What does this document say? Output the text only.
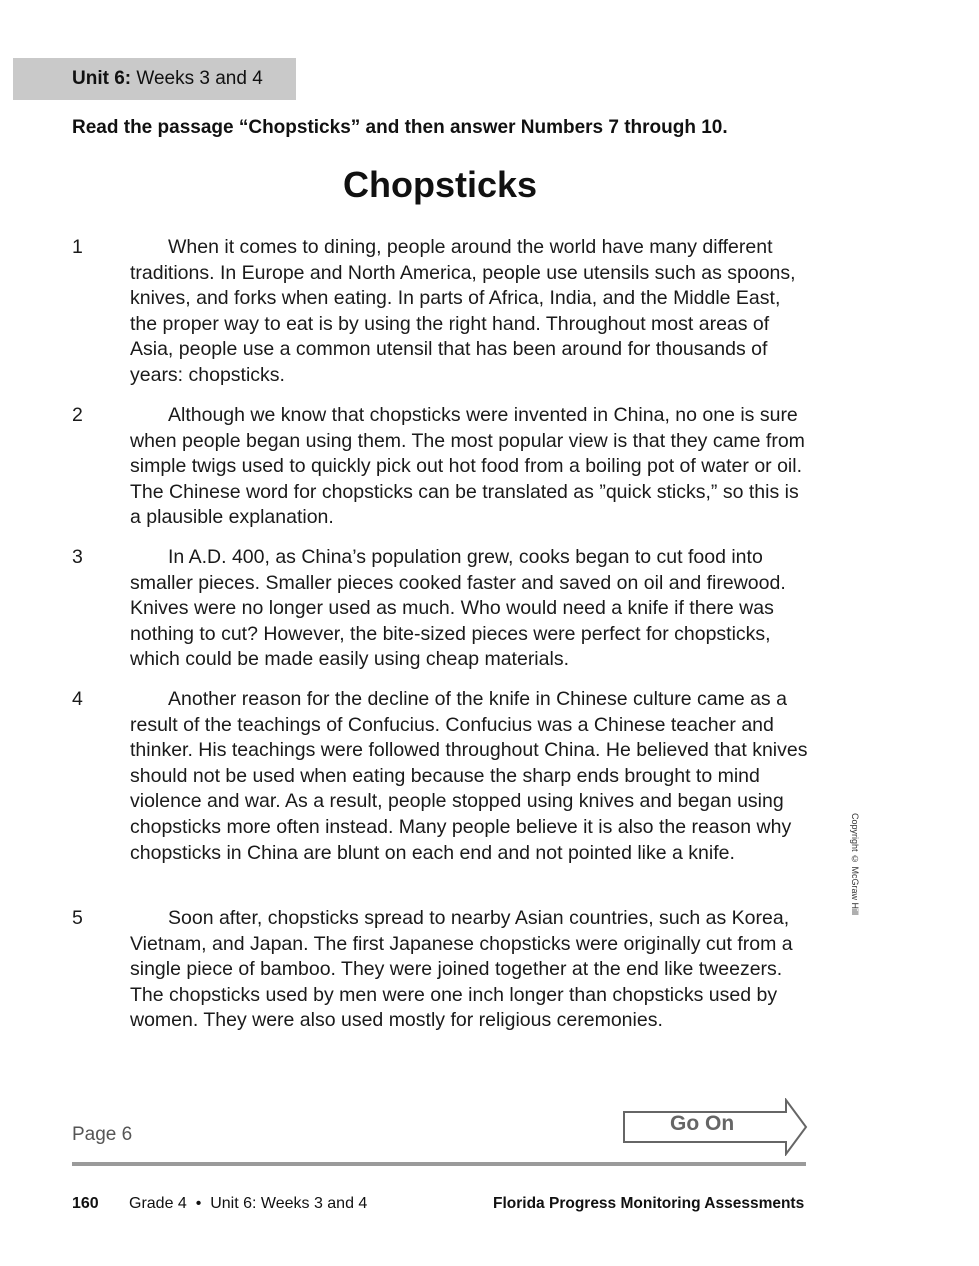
Unit 6: Weeks 3 and 4
Read the passage “Chopsticks” and then answer Numbers 7 through 10.
Chopsticks
1	When it comes to dining, people around the world have many different traditions. In Europe and North America, people use utensils such as spoons, knives, and forks when eating. In parts of Africa, India, and the Middle East, the proper way to eat is by using the right hand. Throughout most areas of Asia, people use a common utensil that has been around for thousands of years: chopsticks.

2	Although we know that chopsticks were invented in China, no one is sure when people began using them. The most popular view is that they came from simple twigs used to quickly pick out hot food from a boiling pot of water or oil. The Chinese word for chopsticks can be translated as ”quick sticks,” so this is a plausible explanation.

3	In A.D. 400, as China’s population grew, cooks began to cut food into smaller pieces. Smaller pieces cooked faster and saved on oil and firewood. Knives were no longer used as much. Who would need a knife if there was nothing to cut? However, the bite-sized pieces were perfect for chopsticks, which could be made easily using cheap materials.

4	Another reason for the decline of the knife in Chinese culture came as a result of the teachings of Confucius. Confucius was a Chinese teacher and thinker. His teachings were followed throughout China. He believed that knives should not be used when eating because the sharp ends brought to mind violence and war. As a result, people stopped using knives and began using chopsticks more often instead. Many people believe it is also the reason why chopsticks in China are blunt on each end and not pointed like a knife.

5	Soon after, chopsticks spread to nearby Asian countries, such as Korea, Vietnam, and Japan. The first Japanese chopsticks were originally cut from a single piece of bamboo. They were joined together at the end like tweezers. The chopsticks used by men were one inch longer than chopsticks used by women. They were also used mostly for religious ceremonies.

Copyright © McGraw Hill
Page 6	Go On
160 Grade 4  •  Unit 6: Weeks 3 and 4	Florida Progress Monitoring Assessments
